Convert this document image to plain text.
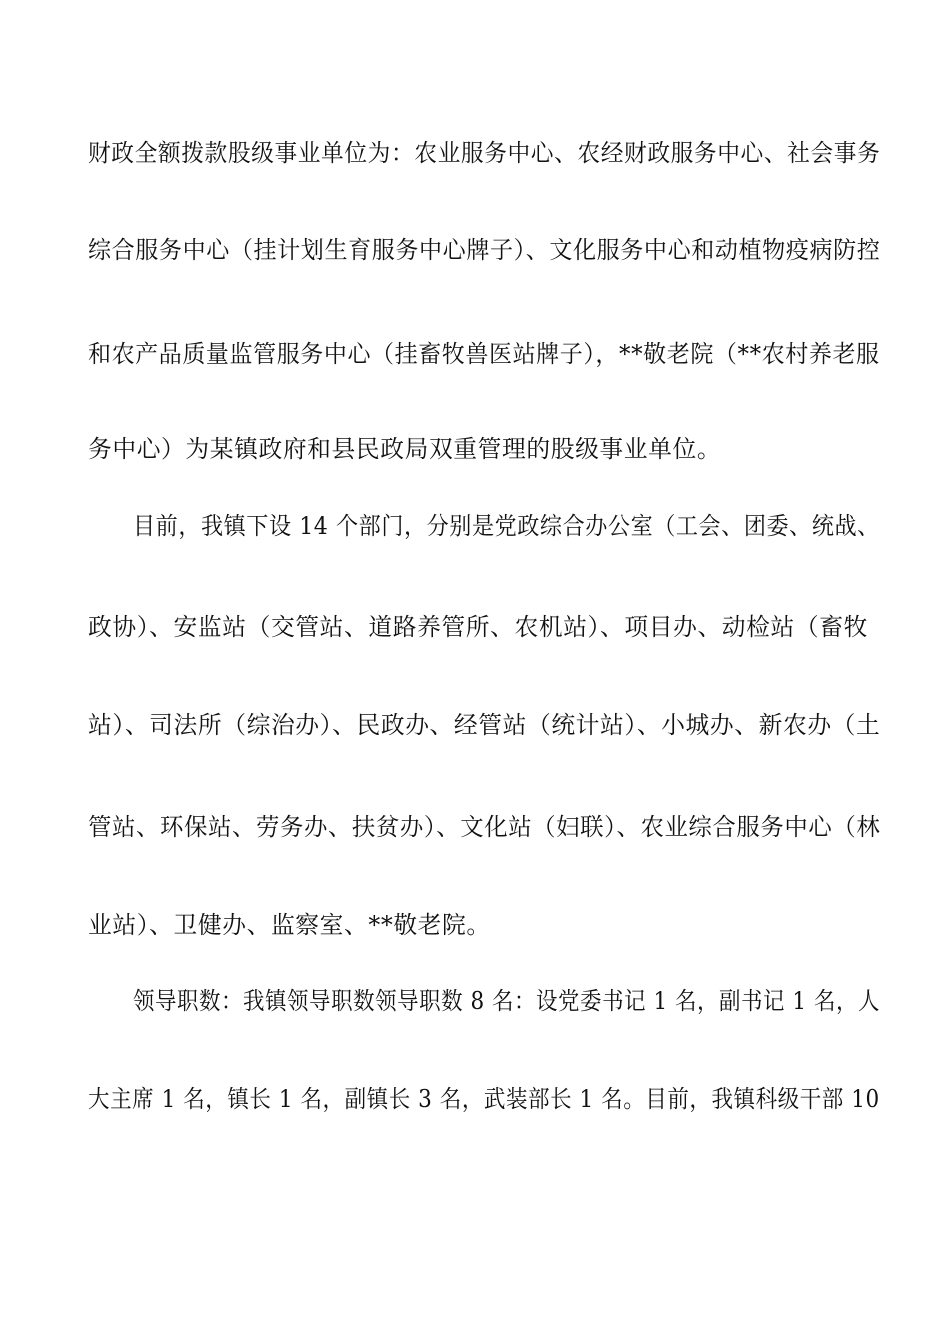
财政全额拨款股级事业单位为：农业服务中心、农经财政服务中心、社会事务
综合服务中心（挂计划生育服务中心牌子）、文化服务中心和动植物疫病防控
和农产品质量监管服务中心（挂畜牧兽医站牌子），**敬老院（**农村养老服
务中心）为某镇政府和县民政局双重管理的股级事业单位。
目前，我镇下设 14 个部门，分别是党政综合办公室（工会、团委、统战、
政协）、安监站（交管站、道路养管所、农机站）、项目办、动检站（畜牧
站）、司法所（综治办）、民政办、经管站（统计站）、小城办、新农办（土
管站、环保站、劳务办、扶贫办）、文化站（妇联）、农业综合服务中心（林
业站）、卫健办、监察室、**敬老院。
领导职数：我镇领导职数领导职数 8 名：设党委书记 1 名，副书记 1 名，人
大主席 1 名，镇长 1 名，副镇长 3 名，武装部长 1 名。目前，我镇科级干部 10
